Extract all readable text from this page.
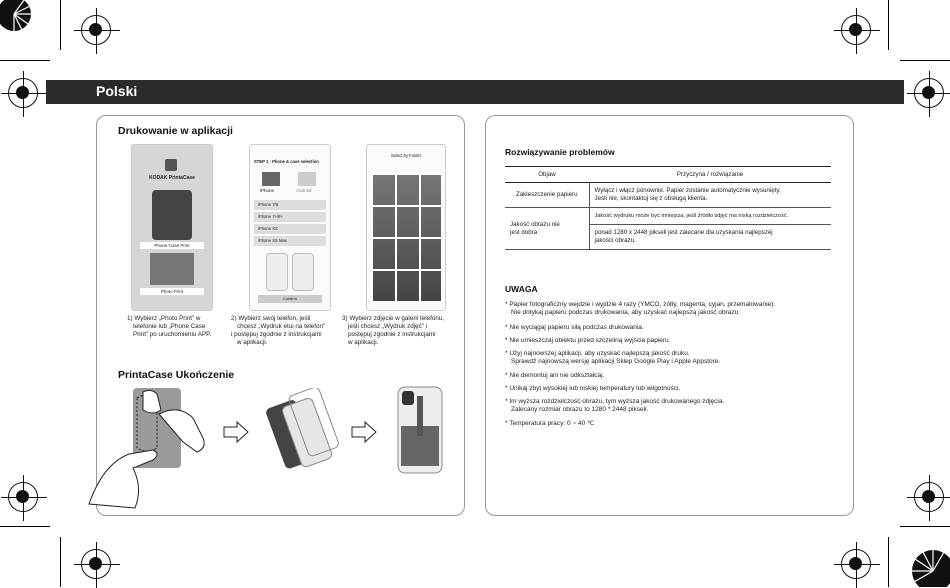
Polski
Drukowanie w aplikacji
KODAK PrintaCase
Phone Case Print
Photo Print
STEP 1 : Phone & case selection
iPhone	Android
iPhone 7/8
iPhone 7+/8+
iPhone XS
iPhone XS Max
Confirm
Select by Folder
1) Wybierz „Photo Print” w
telefonie lub „Phone Case
Print” po uruchomieniu APP.
2) Wybierz swój telefon, jeśli
chcesz „Wydruk etui na telefon”
i postępuj zgodnie z instrukcjami
w aplikacji.
3) Wybierz zdjęcie w galerii telefonu,
jeśli chcesz „Wydruk zdjęć” i
postępuj zgodnie z instrukcjami
w aplikacji.
PrintaCase Ukończenie
Rozwiązywanie problemów
Objaw	Przyczyna / rozwiązanie
Zakleszczenie papieru	Wyłącz i włącz ponownie. Papier zostanie automatycznie wysunięty.
Jeśli nie, skontaktuj się z obsługą klienta.

Jakość obrazu nie
jest dobra	Jakość wydruku może być mniejsza, jeśli źródło zdjęć ma niską rozdzielczość.

	ponad 1280 x 2448 pikseli jest zalecane dla uzyskania najlepszej
jakości obrazu.
UWAGA
* Papier fotograficzny wejdzie i wyjdzie 4 razy (YMCO, żółty, magenta, cyjan, przemalowanie).
Nie dotykaj papieru podczas drukowania, aby uzyskać najlepszą jakość obrazu
* Nie wyciągaj papieru siłą podczas drukowania.
* Nie umieszczaj obiektu przed szczeliną wyjścia papieru.
* Użyj najnowszej aplikacji, aby uzyskać najlepszą jakość druku.
Sprawdź najnowszą wersję aplikacji Sklep Google Play i Apple Appstore.
* Nie demontuj ani nie odkształcaj.
* Unikaj zbyt wysokiej lub niskiej temperatury lub wilgotności.
* Im wyższa rozdzielczość obrazu, tym wyższa jakość drukowanego zdjęcia.
Zalecany rozmiar obrazu to 1280 * 2448 pikseli.
* Temperatura pracy: 0 ~ 40 ℃
